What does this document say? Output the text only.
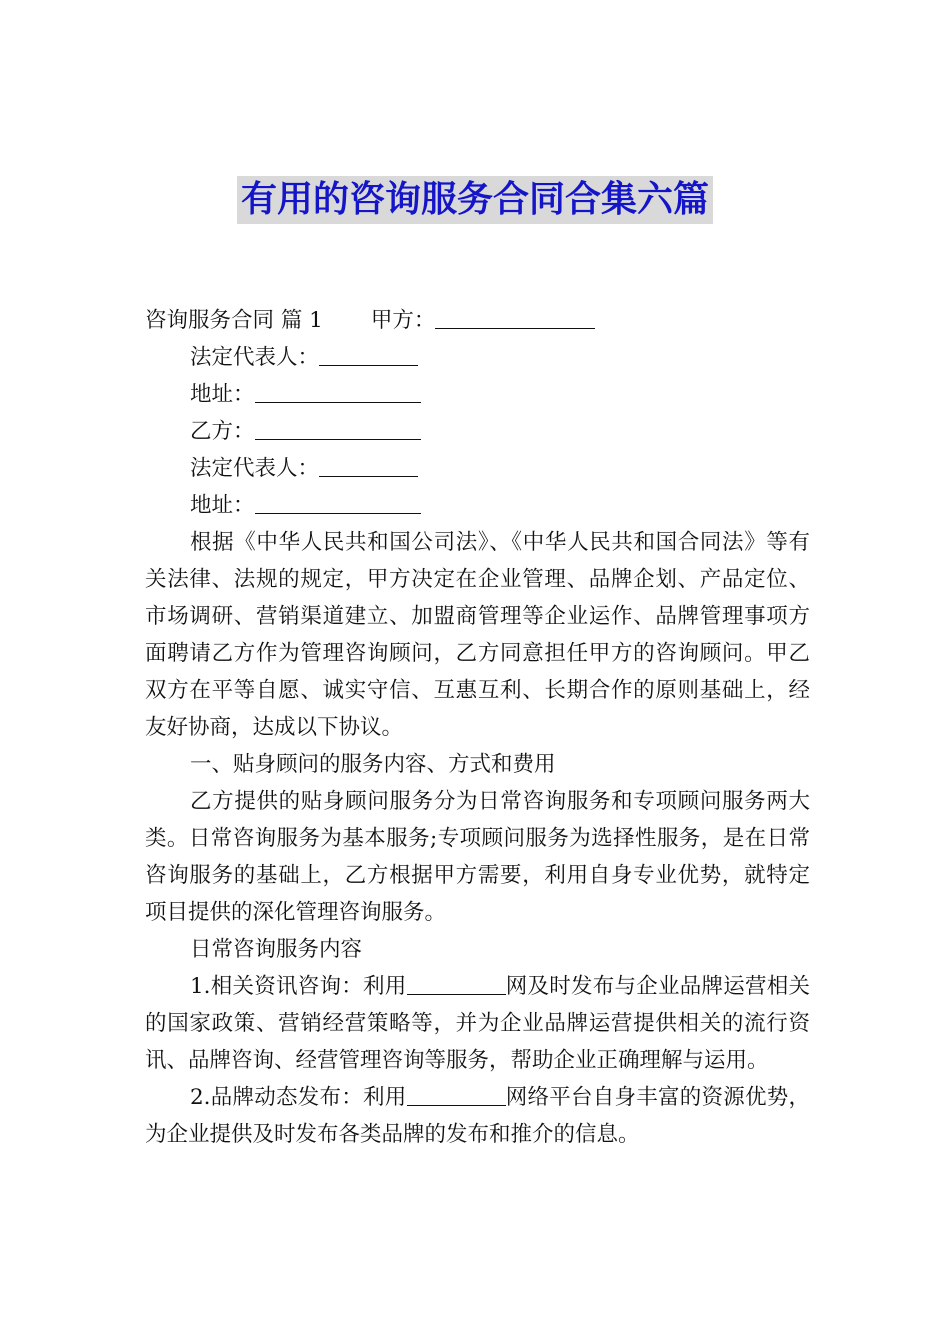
有用的咨询服务合同合集六篇
咨询服务合同 篇 1 甲方：
法定代表人：
地址：
乙方：
法定代表人：
地址：

根据《中华人民共和国公司法》、《中华人民共和国合同法》等有关法律、法规的规定，甲方决定在企业管理、品牌企划、产品定位、市场调研、营销渠道建立、加盟商管理等企业运作、品牌管理事项方面聘请乙方作为管理咨询顾问，乙方同意担任甲方的咨询顾问。甲乙双方在平等自愿、诚实守信、互惠互利、长期合作的原则基础上，经友好协商，达成以下协议。

一、贴身顾问的服务内容、方式和费用

乙方提供的贴身顾问服务分为日常咨询服务和专项顾问服务两大类。日常咨询服务为基本服务;专项顾问服务为选择性服务，是在日常咨询服务的基础上，乙方根据甲方需要，利用自身专业优势，就特定项目提供的深化管理咨询服务。

日常咨询服务内容

1.相关资讯咨询：利用	网及时发布与企业品牌运营相关的国家政策、营销经营策略等，并为企业品牌运营提供相关的流行资讯、品牌咨询、经营管理咨询等服务，帮助企业正确理解与运用。

2.品牌动态发布：利用	网络平台自身丰富的资源优势，为企业提供及时发布各类品牌的发布和推介的信息。
